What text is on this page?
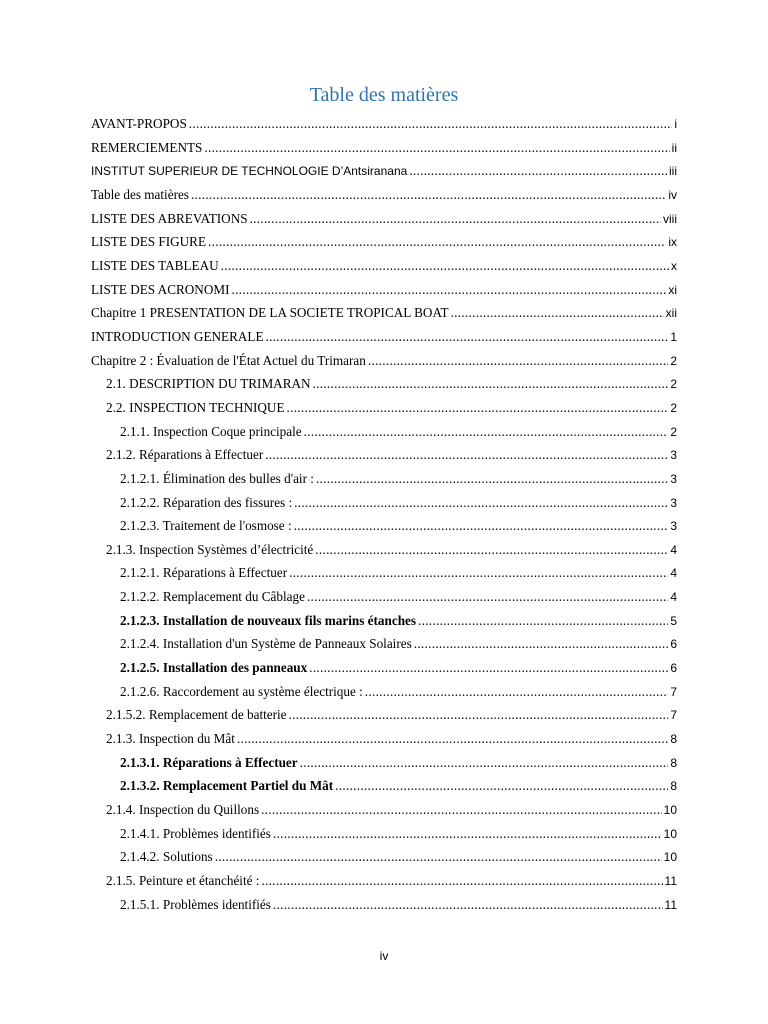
Table des matières
AVANT-PROPOS .....	i
REMERCIEMENTS .....	ii
INSTITUT SUPERIEUR DE TECHNOLOGIE D’Antsiranana .....	iii
Table des matières .....	iv
LISTE DES ABREVATIONS .....	viii
LISTE DES FIGURE .....	ix
LISTE DES TABLEAU .....	x
LISTE DES ACRONOMI .....	xi
Chapitre 1 PRESENTATION DE LA SOCIETE TROPICAL BOAT .....	xii
INTRODUCTION GENERALE .....	1
Chapitre 2 : Évaluation de l'État Actuel du Trimaran .....	2
2.1. DESCRIPTION DU TRIMARAN .....	2
2.2. INSPECTION TECHNIQUE .....	2
2.1.1. Inspection Coque principale .....	2
2.1.2. Réparations à Effectuer .....	3
2.1.2.1. Élimination des bulles d'air : .....	3
2.1.2.2. Réparation des fissures : .....	3
2.1.2.3. Traitement de l'osmose : .....	3
2.1.3. Inspection Systèmes d’électricité .....	4
2.1.2.1. Réparations à Effectuer .....	4
2.1.2.2. Remplacement du Câblage .....	4
2.1.2.3. Installation de nouveaux fils marins étanches .....	5
2.1.2.4. Installation d'un Système de Panneaux Solaires .....	6
2.1.2.5. Installation des panneaux .....	6
2.1.2.6. Raccordement au système électrique : .....	7
2.1.5.2. Remplacement de batterie .....	7
2.1.3. Inspection du Mât .....	8
2.1.3.1. Réparations à Effectuer .....	8
2.1.3.2. Remplacement Partiel du Mât .....	8
2.1.4. Inspection du Quillons .....	10
2.1.4.1. Problèmes identifiés .....	10
2.1.4.2. Solutions .....	10
2.1.5. Peinture et étanchéité : .....	11
2.1.5.1. Problèmes identifiés .....	11
iv
